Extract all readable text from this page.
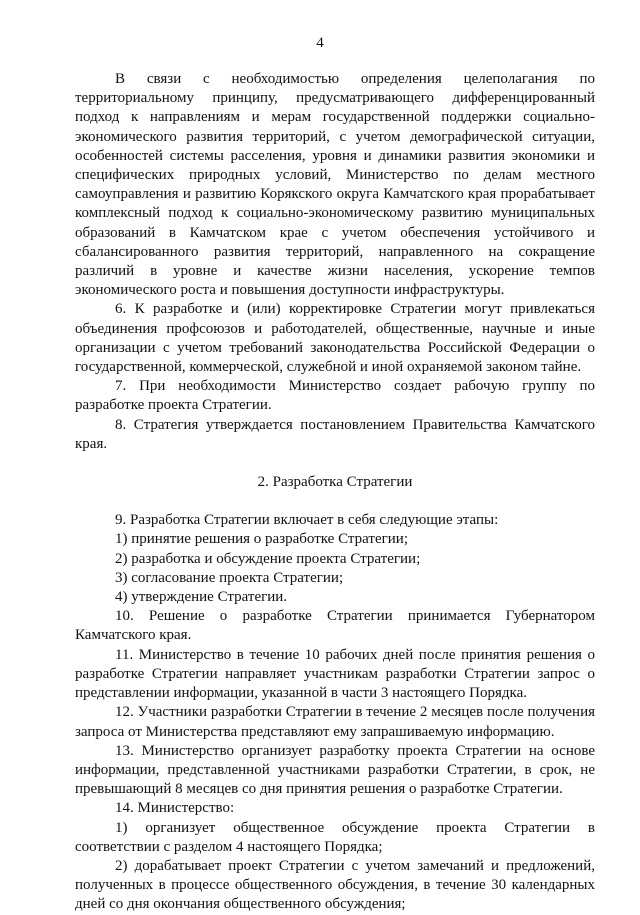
4

В связи с необходимостью определения целеполагания по территориальному принципу, предусматривающего дифференцированный подход к направлениям и мерам государственной поддержки социально-экономического развития территорий, с учетом демографической ситуации, особенностей системы расселения, уровня и динамики развития экономики и специфических природных условий, Министерство по делам местного самоуправления и развитию Корякского округа Камчатского края прорабатывает комплексный подход к социально-экономическому развитию муниципальных образований в Камчатском крае с учетом обеспечения устойчивого и сбалансированного развития территорий, направленного на сокращение различий в уровне и качестве жизни населения, ускорение темпов экономического роста и повышения доступности инфраструктуры.

6. К разработке и (или) корректировке Стратегии могут привлекаться объединения профсоюзов и работодателей, общественные, научные и иные организации с учетом требований законодательства Российской Федерации о государственной, коммерческой, служебной и иной охраняемой законом тайне.

7. При необходимости Министерство создает рабочую группу по разработке проекта Стратегии.

8. Стратегия утверждается постановлением Правительства Камчатского края.

2. Разработка Стратегии

9. Разработка Стратегии включает в себя следующие этапы:

1) принятие решения о разработке Стратегии;

2) разработка и обсуждение проекта Стратегии;

3) согласование проекта Стратегии;

4) утверждение Стратегии.

10. Решение о разработке Стратегии принимается Губернатором Камчатского края.

11. Министерство в течение 10 рабочих дней после принятия решения о разработке Стратегии направляет участникам разработки Стратегии запрос о представлении информации, указанной в части 3 настоящего Порядка.

12. Участники разработки Стратегии в течение 2 месяцев после получения запроса от Министерства представляют ему запрашиваемую информацию.

13. Министерство организует разработку проекта Стратегии на основе информации, представленной участниками разработки Стратегии, в срок, не превышающий 8 месяцев со дня принятия решения о разработке Стратегии.

14. Министерство:

1) организует общественное обсуждение проекта Стратегии в соответствии с разделом 4 настоящего Порядка;

2) дорабатывает проект Стратегии с учетом замечаний и предложений, полученных в процессе общественного обсуждения, в течение 30 календарных дней со дня окончания общественного обсуждения;
